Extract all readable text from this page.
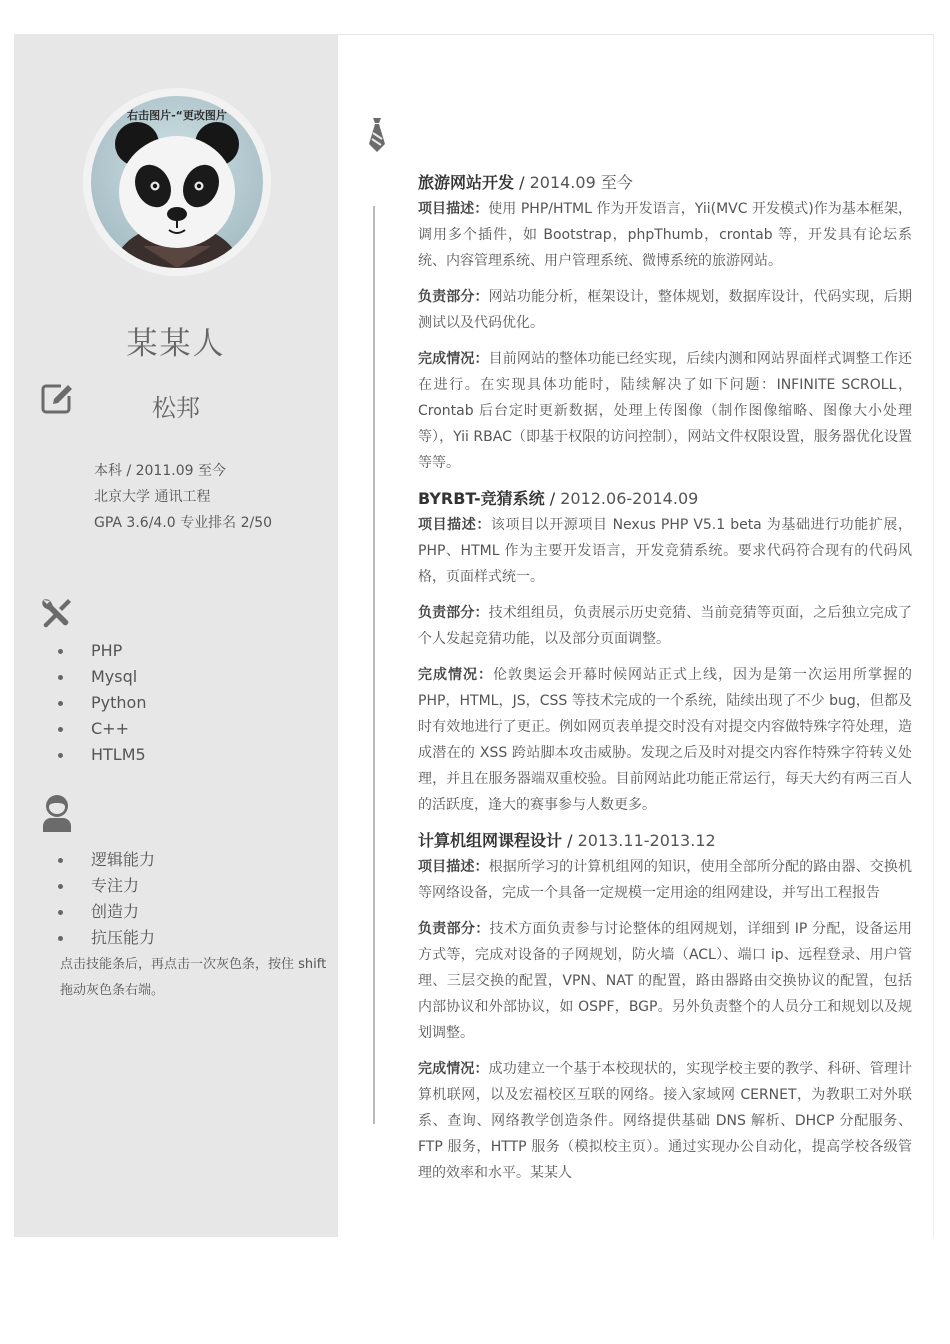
右击图片-“更改图片
某某人
松邦
本科 / 2011.09 至今
北京大学 通讯工程
GPA 3.6/4.0 专业排名 2/50
PHP
Mysql
Python
C++
HTLM5
逻辑能力
专注力
创造力
抗压能力
点击技能条后，再点击一次灰色条，按住 shift 拖动灰色条右端。
旅游网站开发 / 2014.09 至今

项目描述：使用 PHP/HTML 作为开发语言，Yii(MVC 开发模式)作为基本框架，调用多个插件，如 Bootstrap，phpThumb，crontab 等，开发具有论坛系统、内容管理系统、用户管理系统、微博系统的旅游网站。

负责部分：网站功能分析，框架设计，整体规划，数据库设计，代码实现，后期测试以及代码优化。

完成情况：目前网站的整体功能已经实现，后续内测和网站界面样式调整工作还在进行。在实现具体功能时，陆续解决了如下问题：INFINITE SCROLL，Crontab 后台定时更新数据，处理上传图像（制作图像缩略、图像大小处理等），Yii RBAC（即基于权限的访问控制），网站文件权限设置，服务器优化设置等等。

BYRBT-竞猜系统 / 2012.06-2014.09

项目描述：该项目以开源项目 Nexus PHP V5.1 beta 为基础进行功能扩展，PHP、HTML 作为主要开发语言，开发竞猜系统。要求代码符合现有的代码风格，页面样式统一。

负责部分：技术组组员，负责展示历史竞猜、当前竞猜等页面，之后独立完成了个人发起竞猜功能，以及部分页面调整。

完成情况：伦敦奥运会开幕时候网站正式上线，因为是第一次运用所掌握的 PHP，HTML，JS，CSS 等技术完成的一个系统，陆续出现了不少 bug，但都及时有效地进行了更正。例如网页表单提交时没有对提交内容做特殊字符处理，造成潜在的 XSS 跨站脚本攻击威胁。发现之后及时对提交内容作特殊字符转义处理，并且在服务器端双重校验。目前网站此功能正常运行，每天大约有两三百人的活跃度，逢大的赛事参与人数更多。

计算机组网课程设计 / 2013.11-2013.12

项目描述：根据所学习的计算机组网的知识，使用全部所分配的路由器、交换机等网络设备，完成一个具备一定规模一定用途的组网建设，并写出工程报告

负责部分：技术方面负责参与讨论整体的组网规划，详细到 IP 分配，设备运用方式等，完成对设备的子网规划，防火墙（ACL）、端口 ip、远程登录、用户管理、三层交换的配置，VPN、NAT 的配置，路由器路由交换协议的配置，包括内部协议和外部协议，如 OSPF，BGP。另外负责整个的人员分工和规划以及规划调整。

完成情况：成功建立一个基于本校现状的，实现学校主要的教学、科研、管理计算机联网，以及宏福校区互联的网络。接入家域网 CERNET，为教职工对外联系、查询、网络教学创造条件。网络提供基础 DNS 解析、DHCP 分配服务、FTP 服务，HTTP 服务（模拟校主页）。通过实现办公自动化，提高学校各级管理的效率和水平。某某人
